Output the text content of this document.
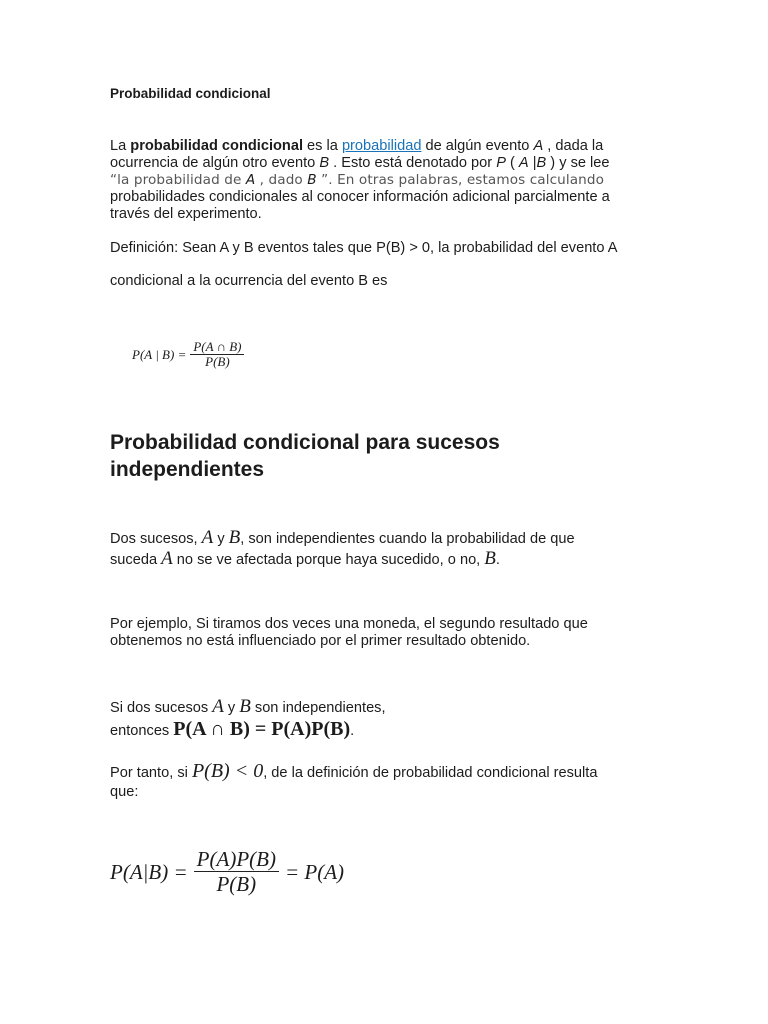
Probabilidad condicional
La probabilidad condicional es la probabilidad de algún evento A , dada la
ocurrencia de algún otro evento B . Esto está denotado por P ( A |B ) y se lee
“la probabilidad de A , dado B ”. En otras palabras, estamos calculando
probabilidades condicionales al conocer información adicional parcialmente a
través del experimento.
Definición: Sean A y B eventos tales que P(B) > 0, la probabilidad del evento A
condicional a la ocurrencia del evento B es
P(A | $B) = \frac{P(A \cap B)}{P(B)}$
Probabilidad condicional para sucesos independientes
Dos sucesos, A y B, son independientes cuando la probabilidad de que
suceda A no se ve afectada porque haya sucedido, o no, B.
Por ejemplo, Si tiramos dos veces una moneda, el segundo resultado que
obtenemos no está influenciado por el primer resultado obtenido.
Si dos sucesos A y B son independientes,
entonces P(A ∩ B) = P(A)P(B).
Por tanto, si P(B) < 0, de la definición de probabilidad condicional resulta
que:
$P(A|B) = \frac{P(A)P(B)}{P(B)} = P(A)$
